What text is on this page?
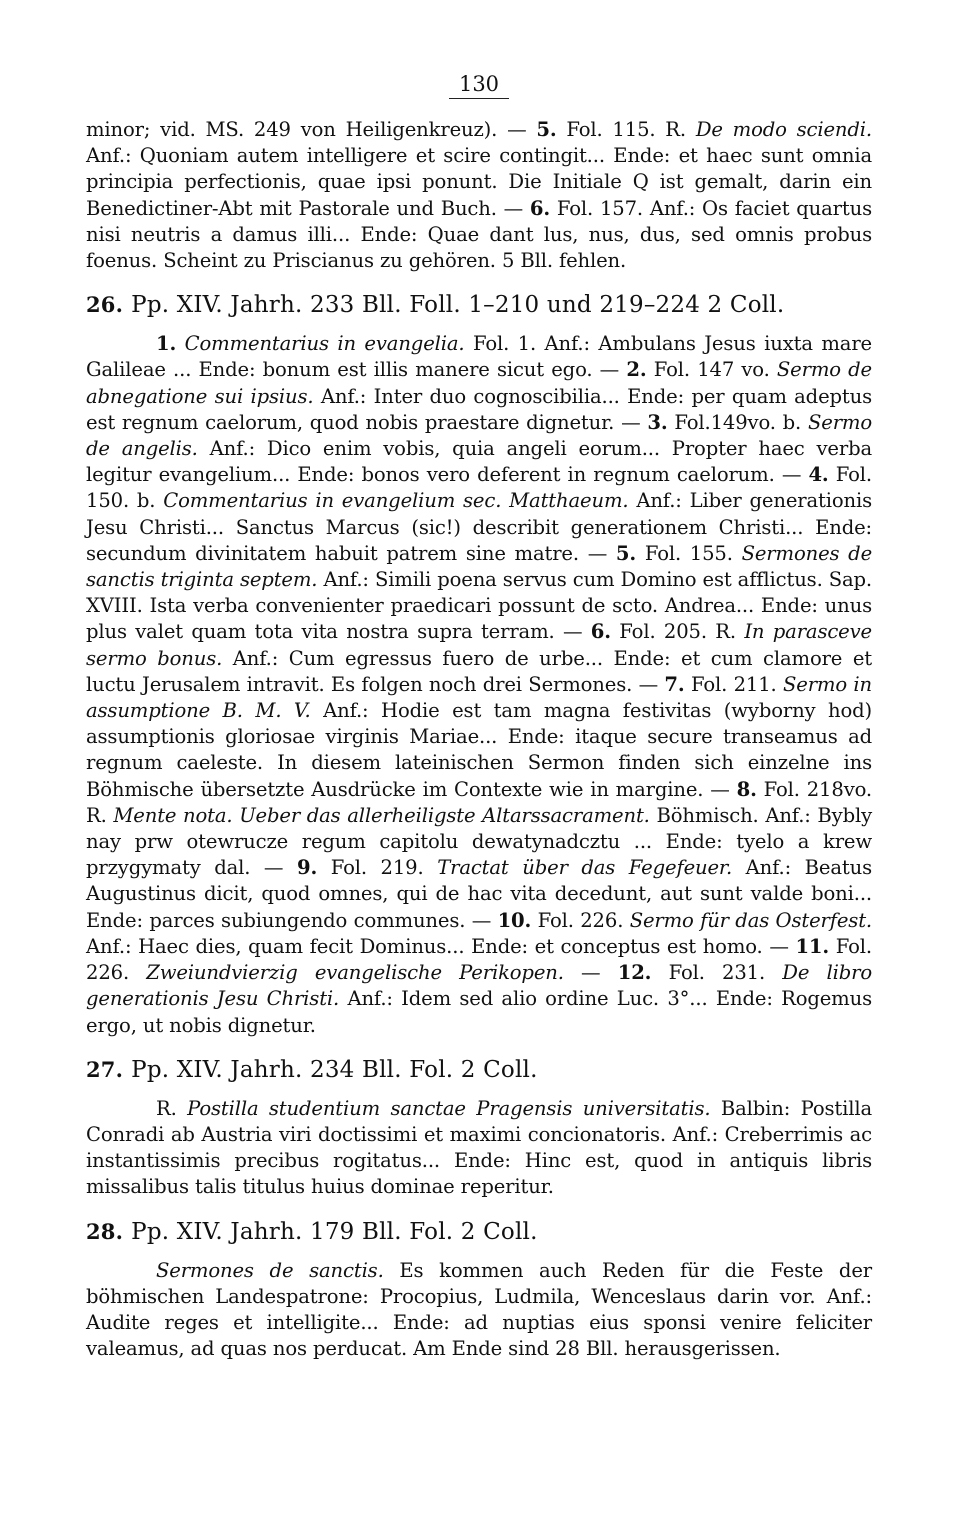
130

minor; vid. MS. 249 von Heiligenkreuz). — 5. Fol. 115. R. De modo sciendi. Anf.: Quoniam autem intelligere et scire contingit... Ende: et haec sunt omnia principia perfectionis, quae ipsi ponunt. Die Initiale Q ist gemalt, darin ein Benedictiner-Abt mit Pastorale und Buch. — 6. Fol. 157. Anf.: Os faciet quartus nisi neutris a damus illi... Ende: Quae dant lus, nus, dus, sed omnis probus foenus. Scheint zu Priscianus zu gehören. 5 Bll. fehlen.

26. Pp. XIV. Jahrh. 233 Bll. Foll. 1–210 und 219–224 2 Coll.

1. Commentarius in evangelia. Fol. 1. Anf.: Ambulans Jesus iuxta mare Galileae ... Ende: bonum est illis manere sicut ego. — 2. Fol. 147 vo. Sermo de abnegatione sui ipsius. Anf.: Inter duo cognoscibilia... Ende: per quam adeptus est regnum caelorum, quod nobis praestare dignetur. — 3. Fol.149vo. b. Sermo de angelis. Anf.: Dico enim vobis, quia angeli eorum... Propter haec verba legitur evangelium... Ende: bonos vero deferent in regnum caelorum. — 4. Fol. 150. b. Commentarius in evangelium sec. Matthaeum. Anf.: Liber generationis Jesu Christi... Sanctus Marcus (sic!) describit generationem Christi... Ende: secundum divinitatem habuit patrem sine matre. — 5. Fol. 155. Sermones de sanctis triginta septem. Anf.: Simili poena servus cum Domino est afflictus. Sap. XVIII. Ista verba convenienter praedicari possunt de scto. Andrea... Ende: unus plus valet quam tota vita nostra supra terram. — 6. Fol. 205. R. In parasceve sermo bonus. Anf.: Cum egressus fuero de urbe... Ende: et cum clamore et luctu Jerusalem intravit. Es folgen noch drei Sermones. — 7. Fol. 211. Sermo in assumptione B. M. V. Anf.: Hodie est tam magna festivitas (wyborny hod) assumptionis gloriosae virginis Mariae... Ende: itaque secure transeamus ad regnum caeleste. In diesem lateinischen Sermon finden sich einzelne ins Böhmische übersetzte Ausdrücke im Contexte wie in margine. — 8. Fol. 218vo. R. Mente nota. Ueber das allerheiligste Altarssacrament. Böhmisch. Anf.: Bybly nay prw otewrucze regum capitolu dewatynadcztu ... Ende: tyelo a krew przygymaty dal. — 9. Fol. 219. Tractat über das Fegefeuer. Anf.: Beatus Augustinus dicit, quod omnes, qui de hac vita decedunt, aut sunt valde boni... Ende: parces subiungendo communes. — 10. Fol. 226. Sermo für das Osterfest. Anf.: Haec dies, quam fecit Dominus... Ende: et conceptus est homo. — 11. Fol. 226. Zweiundvierzig evangelische Perikopen. — 12. Fol. 231. De libro generationis Jesu Christi. Anf.: Idem sed alio ordine Luc. 3°... Ende: Rogemus ergo, ut nobis dignetur.

27. Pp. XIV. Jahrh. 234 Bll. Fol. 2 Coll.

R. Postilla studentium sanctae Pragensis universitatis. Balbin: Postilla Conradi ab Austria viri doctissimi et maximi concionatoris. Anf.: Creberrimis ac instantissimis precibus rogitatus... Ende: Hinc est, quod in antiquis libris missalibus talis titulus huius dominae reperitur.

28. Pp. XIV. Jahrh. 179 Bll. Fol. 2 Coll.

Sermones de sanctis. Es kommen auch Reden für die Feste der böhmischen Landespatrone: Procopius, Ludmila, Wenceslaus darin vor. Anf.: Audite reges et intelligite... Ende: ad nuptias eius sponsi venire feliciter valeamus, ad quas nos perducat. Am Ende sind 28 Bll. herausgerissen.
